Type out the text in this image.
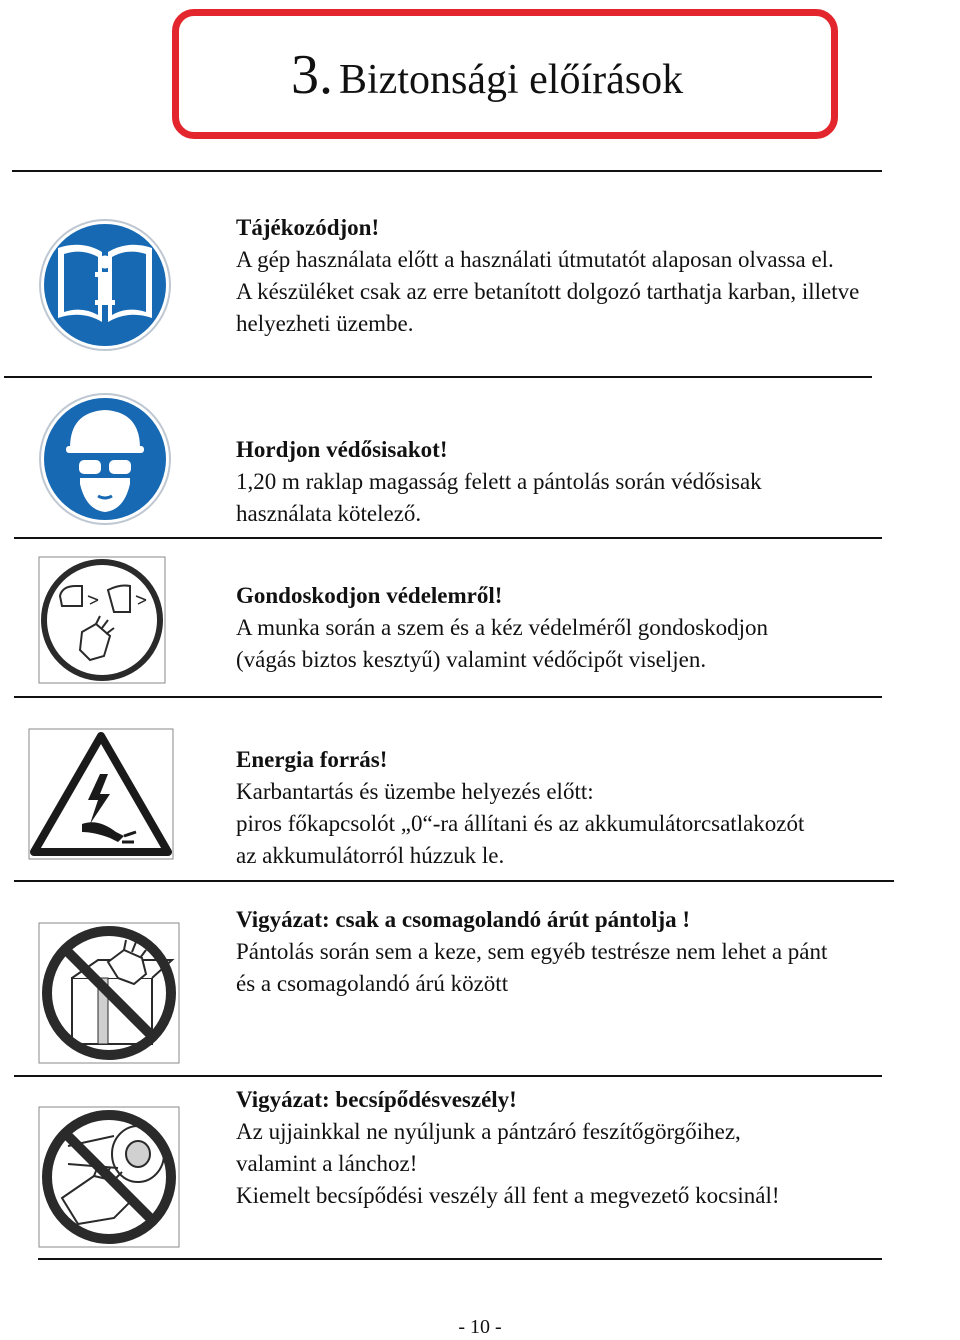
3. Biztonsági előírások
Tájékozódjon!
A gép használata előtt a használati útmutatót alaposan olvassa el.
A készüléket csak az erre betanított dolgozó tarthatja karban, illetve
helyezheti üzembe.
Hordjon védősisakot!
1,20 m raklap magasság felett a pántolás során védősisak
használata kötelező.
Gondoskodjon védelemről!
A munka során a szem és a kéz védelméről gondoskodjon
(vágás biztos kesztyű) valamint védőcipőt viseljen.
Energia forrás!
Karbantartás és üzembe helyezés előtt:
piros főkapcsolót „0“-ra állítani és az akkumulátorcsatlakozót
az akkumulátorról húzzuk le.
Vigyázat: csak a csomagolandó árút pántolja !
Pántolás során sem a keze, sem egyéb testrésze nem lehet a pánt
és a csomagolandó árú között
Vigyázat: becsípődésveszély!
Az ujjainkkal ne nyúljunk a pántzáró feszítőgörgőihez,
valamint a lánchoz!
Kiemelt becsípődési veszély áll fent a megvezető kocsinál!
- 10 -
